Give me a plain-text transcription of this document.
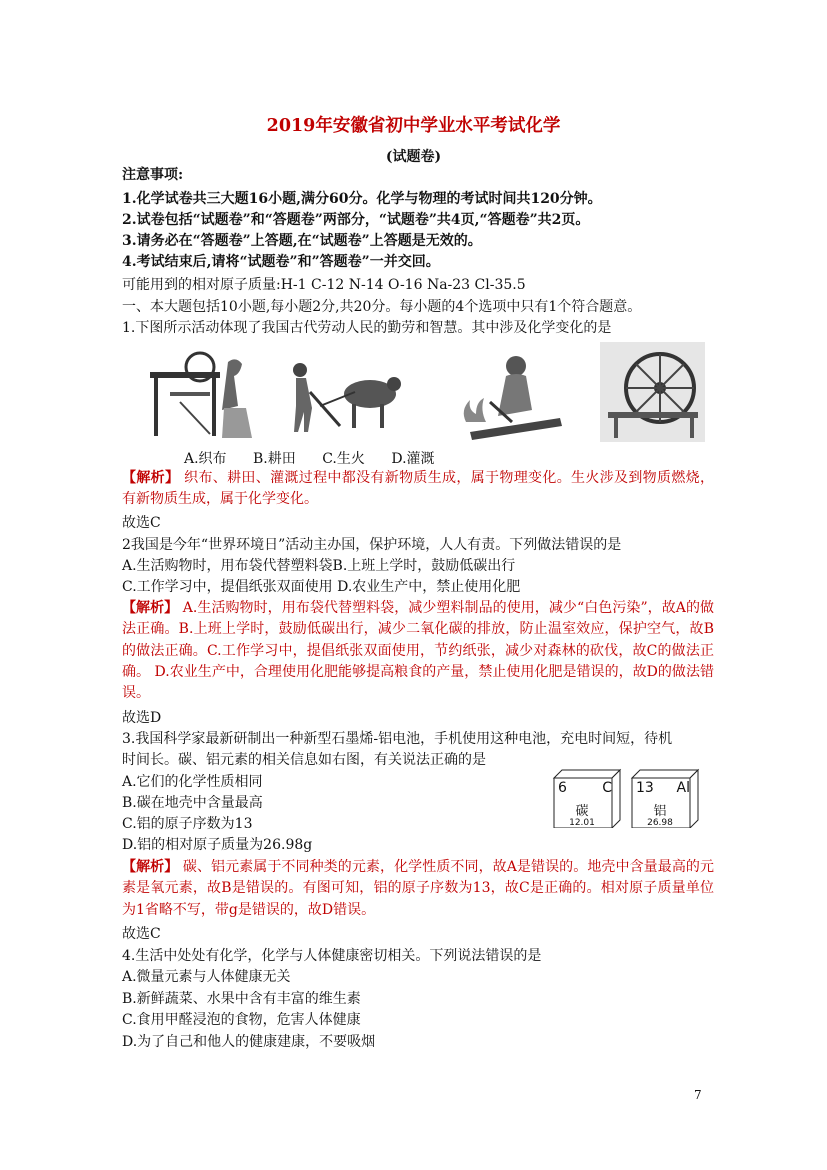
2019年安徽省初中学业水平考试化学
(试题卷)
注意事项:
1.化学试卷共三大题16小题,满分60分。化学与物理的考试时间共120分钟。
2.试卷包括“试题卷”和“答题卷”两部分，“试题卷”共4页,“答题卷”共2页。
3.请务必在“答题卷”上答题,在“试题卷”上答题是无效的。
4.考试结束后,请将“试题卷”和”答题卷”一并交回。
可能用到的相对原子质量:H-1 C-12 N-14 O-16 Na-23 Cl-35.5
一、本大题包括10小题,每小题2分,共20分。每小题的4个选项中只有1个符合题意。
1.下图所示活动体现了我国古代劳动人民的勤劳和智慧。其中涉及化学变化的是
A.织布 B.耕田 C.生火 D.灌溉
【解析】 织布、耕田、灌溉过程中都没有新物质生成，属于物理变化。生火涉及到物质燃烧，有新物质生成，属于化学变化。
故选C
2我国是今年“世界环境日”活动主办国，保护环境，人人有责。下列做法错误的是
A.生活购物时，用布袋代替塑料袋B.上班上学时，鼓励低碳出行
C.工作学习中，提倡纸张双面使用 D.农业生产中，禁止使用化肥
【解析】 A.生活购物时，用布袋代替塑料袋，减少塑料制品的使用，减少“白色污染”，故A的做法正确。B.上班上学时，鼓励低碳出行，减少二氧化碳的排放，防止温室效应，保护空气，故B的做法正确。C.工作学习中，提倡纸张双面使用，节约纸张，减少对森林的砍伐，故C的做法正确。 D.农业生产中，合理使用化肥能够提高粮食的产量，禁止使用化肥是错误的，故D的做法错误。
故选D
3.我国科学家最新研制出一种新型石墨烯-铝电池，手机使用这种电池，充电时间短，待机
时间长。碳、铝元素的相关信息如右图，有关说法正确的是
A.它们的化学性质相同
B.碳在地壳中含量最高
C.铝的原子序数为13
D.铝的相对原子质量为26.98g
6	C
碳
12.01
13 Al
铝
26.98
【解析】 碳、铝元素属于不同种类的元素，化学性质不同，故A是错误的。地壳中含量最高的元素是氧元素，故B是错误的。有图可知，铝的原子序数为13，故C是正确的。相对原子质量单位为1省略不写，带g是错误的，故D错误。
故选C
4.生活中处处有化学，化学与人体健康密切相关。下列说法错误的是
A.微量元素与人体健康无关
B.新鲜蔬菜、水果中含有丰富的维生素
C.食用甲醛浸泡的食物，危害人体健康
D.为了自己和他人的健康建康，不要吸烟
7
